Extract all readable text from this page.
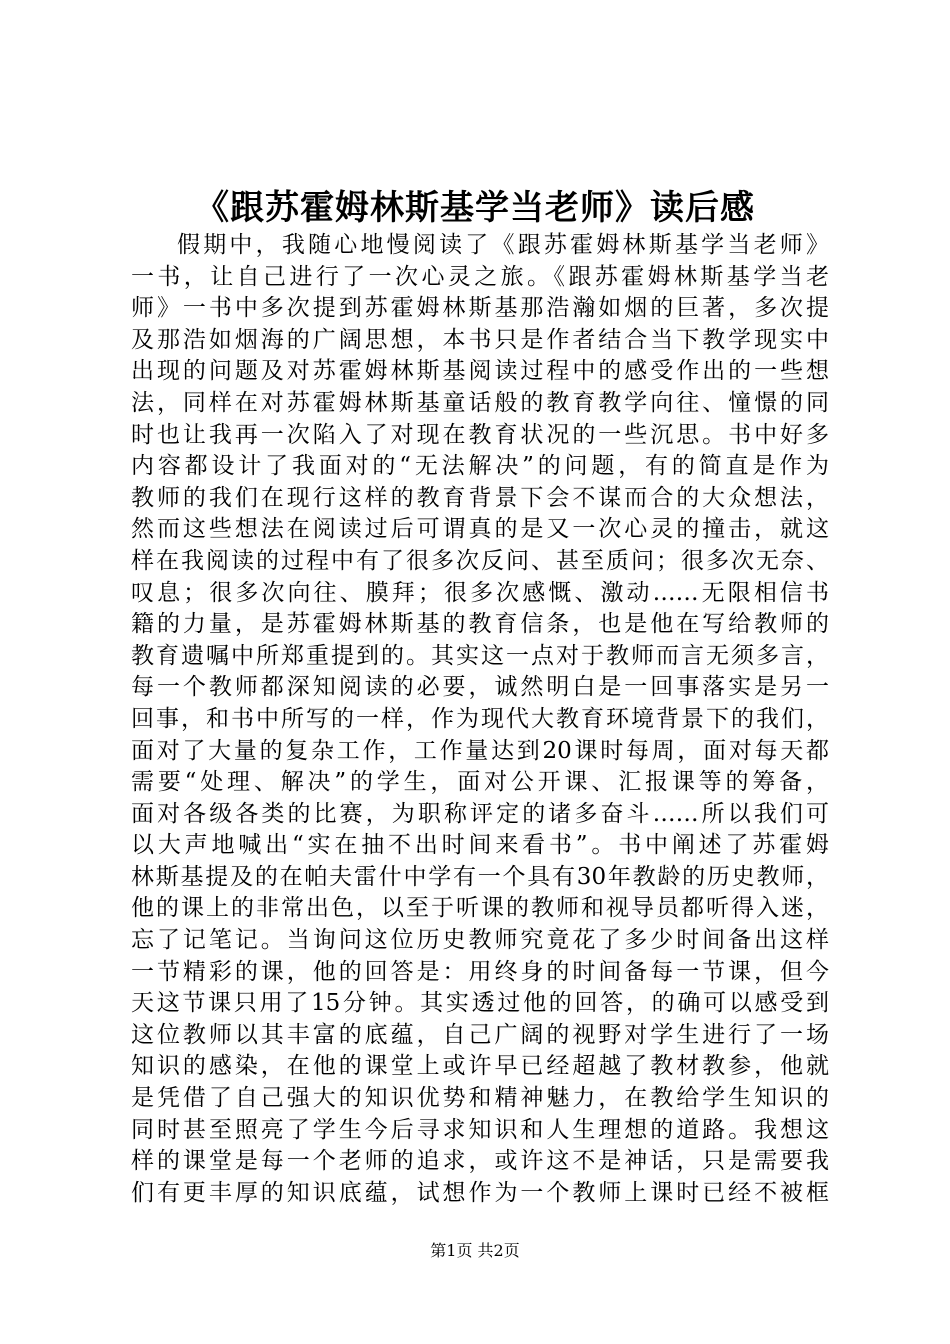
《跟苏霍姆林斯基学当老师》读后感
假期中，我随心地慢阅读了《跟苏霍姆林斯基学当老师》
一书，让自己进行了一次心灵之旅。《跟苏霍姆林斯基学当老
师》一书中多次提到苏霍姆林斯基那浩瀚如烟的巨著，多次提
及那浩如烟海的广阔思想，本书只是作者结合当下教学现实中
出现的问题及对苏霍姆林斯基阅读过程中的感受作出的一些想
法，同样在对苏霍姆林斯基童话般的教育教学向往、憧憬的同
时也让我再一次陷入了对现在教育状况的一些沉思。书中好多
内容都设计了我面对的“无法解决”的问题，有的简直是作为
教师的我们在现行这样的教育背景下会不谋而合的大众想法，
然而这些想法在阅读过后可谓真的是又一次心灵的撞击，就这
样在我阅读的过程中有了很多次反问、甚至质问；很多次无奈、
叹息；很多次向往、膜拜；很多次感慨、激动……无限相信书
籍的力量，是苏霍姆林斯基的教育信条，也是他在写给教师的
教育遗嘱中所郑重提到的。其实这一点对于教师而言无须多言，
每一个教师都深知阅读的必要，诚然明白是一回事落实是另一
回事，和书中所写的一样，作为现代大教育环境背景下的我们，
面对了大量的复杂工作，工作量达到20课时每周，面对每天都
需要“处理、解决”的学生，面对公开课、汇报课等的筹备，
面对各级各类的比赛，为职称评定的诸多奋斗……所以我们可
以大声地喊出“实在抽不出时间来看书”。书中阐述了苏霍姆
林斯基提及的在帕夫雷什中学有一个具有30年教龄的历史教师，
他的课上的非常出色，以至于听课的教师和视导员都听得入迷，
忘了记笔记。当询问这位历史教师究竟花了多少时间备出这样
一节精彩的课，他的回答是：用终身的时间备每一节课，但今
天这节课只用了15分钟。其实透过他的回答，的确可以感受到
这位教师以其丰富的底蕴，自己广阔的视野对学生进行了一场
知识的感染，在他的课堂上或许早已经超越了教材教参，他就
是凭借了自己强大的知识优势和精神魅力，在教给学生知识的
同时甚至照亮了学生今后寻求知识和人生理想的道路。我想这
样的课堂是每一个老师的追求，或许这不是神话，只是需要我
们有更丰厚的知识底蕴，试想作为一个教师上课时已经不被框
第1页 共2页
